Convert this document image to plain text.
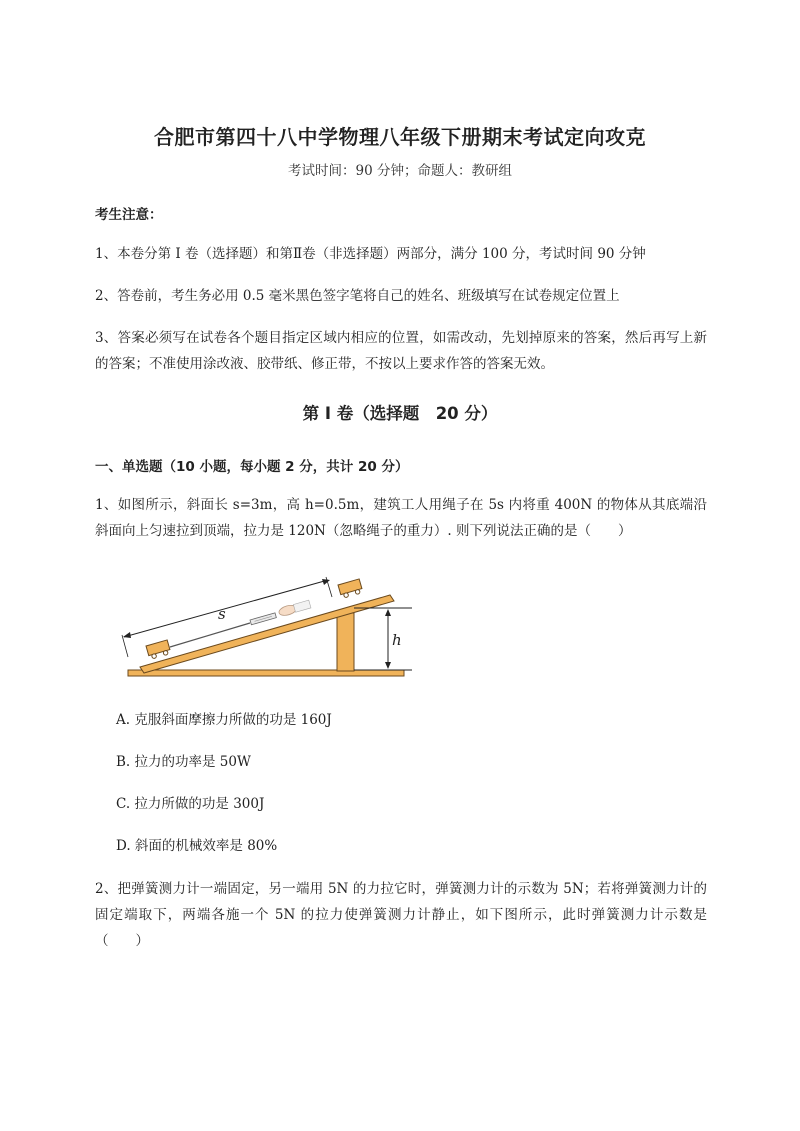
合肥市第四十八中学物理八年级下册期末考试定向攻克
考试时间：90 分钟；命题人：教研组
考生注意：
1、本卷分第 I 卷（选择题）和第Ⅱ卷（非选择题）两部分，满分 100 分，考试时间 90 分钟
2、答卷前，考生务必用 0.5 毫米黑色签字笔将自己的姓名、班级填写在试卷规定位置上
3、答案必须写在试卷各个题目指定区域内相应的位置，如需改动，先划掉原来的答案，然后再写上新的答案；不准使用涂改液、胶带纸、修正带，不按以上要求作答的答案无效。
第 I 卷（选择题　20 分）
一、单选题（10 小题，每小题 2 分，共计 20 分）
1、如图所示，斜面长 s=3m，高 h=0.5m，建筑工人用绳子在 5s 内将重 400N 的物体从其底端沿斜面向上匀速拉到顶端，拉力是 120N（忽略绳子的重力）. 则下列说法正确的是（　　）
h
s
A. 克服斜面摩擦力所做的功是 160J
B. 拉力的功率是 50W
C. 拉力所做的功是 300J
D. 斜面的机械效率是 80%
2、把弹簧测力计一端固定，另一端用 5N 的力拉它时，弹簧测力计的示数为 5N；若将弹簧测力计的固定端取下，两端各施一个 5N 的拉力使弹簧测力计静止，如下图所示，此时弹簧测力计示数是（　　）
